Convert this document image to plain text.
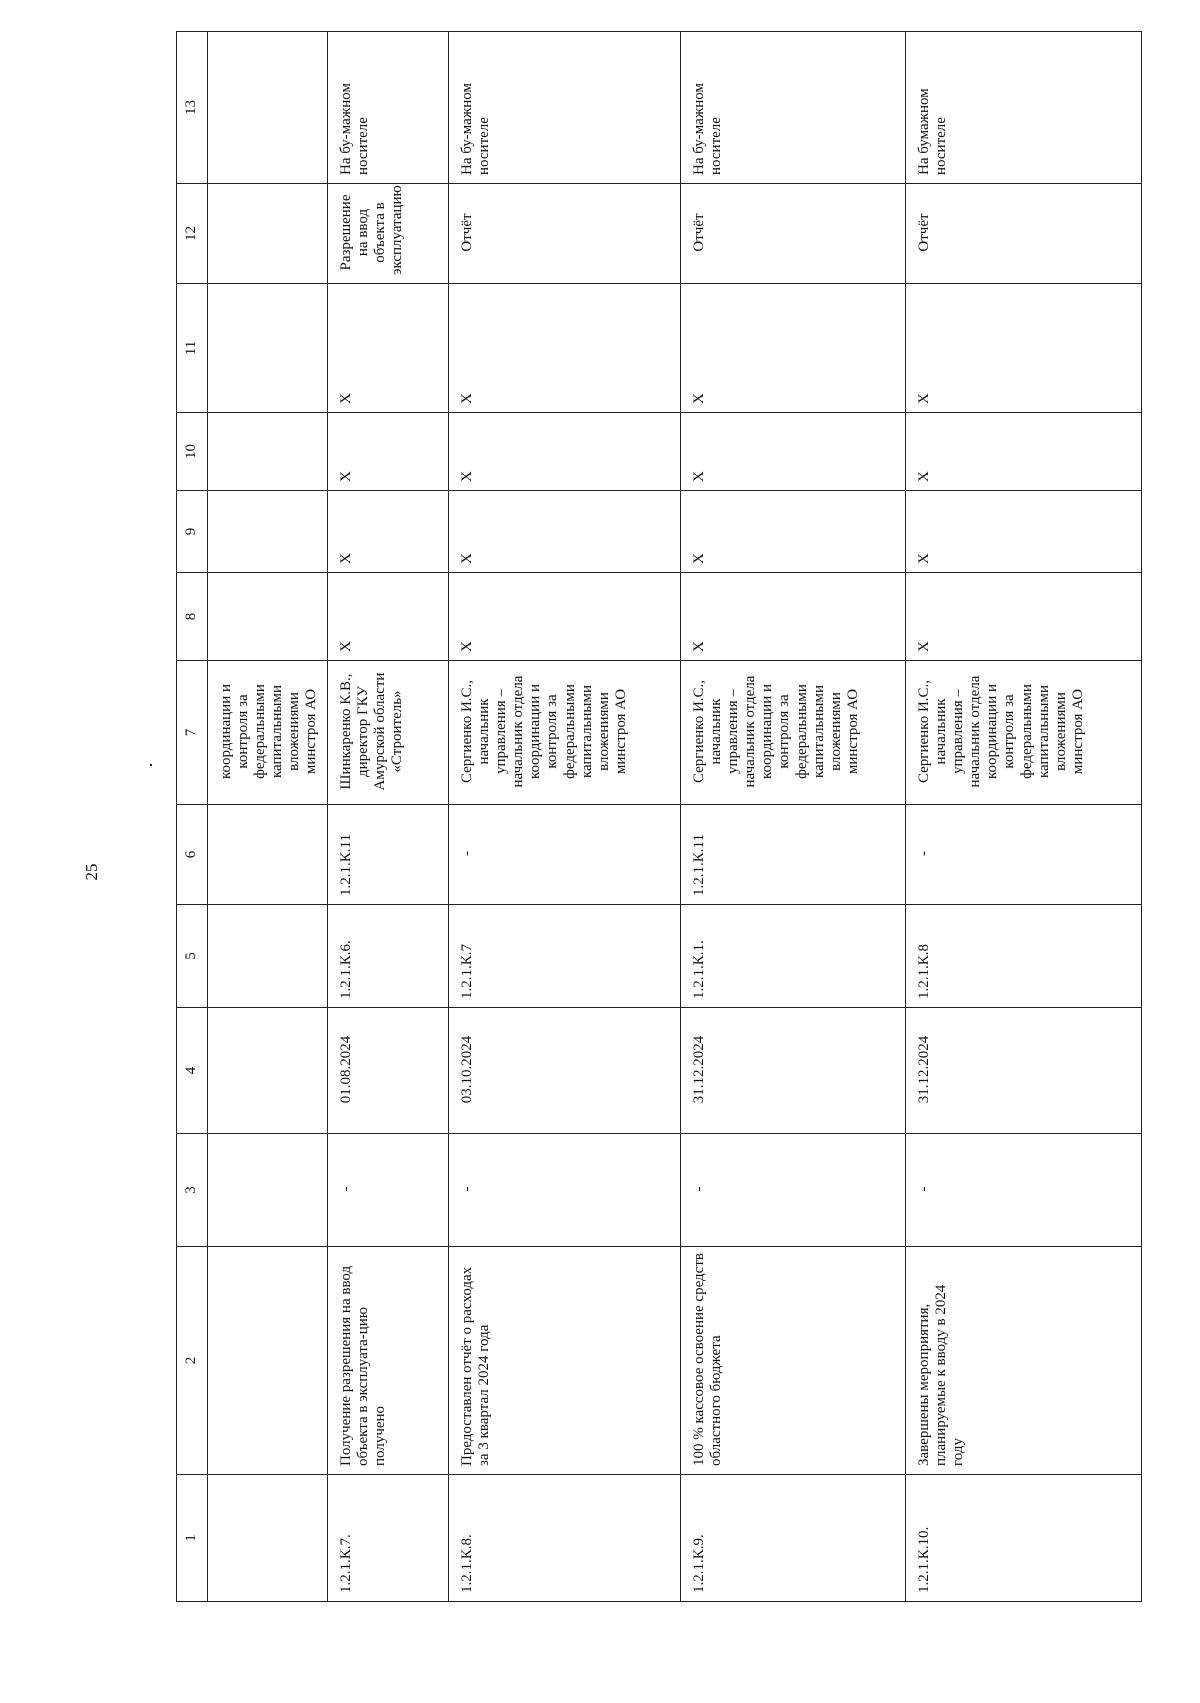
25
1	2	3	4	5	6	7	8	9	10	11	12	13
						координации и контроля за федеральными капитальными вложениями минстроя АО						
1.2.1.К.7.	Получение разрешения на ввод объекта в эксплуата-цию получено	-	01.08.2024	1.2.1.К.6.	1.2.1.К.11	Шинкаренко К.В., директор ГКУ Амурской области «Строитель»	X	X	X	X	Разрешение на ввод объекта в эксплуатацию	На бу-мажном носителе
1.2.1.К.8.	Предоставлен отчёт о расходах за 3 квартал 2024 года	-	03.10.2024	1.2.1.К.7	-	Сергиенко И.С., начальник управления – начальник отдела координации и контроля за федеральными капитальными вложениями минстроя АО	X	X	X	X	Отчёт	На бу-мажном носителе
1.2.1.К.9.	100 % кассовое освоение средств областного бюджета	-	31.12.2024	1.2.1.К.1.	1.2.1.К.11	Сергиенко И.С., начальник управления – начальник отдела координации и контроля за федеральными капитальными вложениями минстроя АО	X	X	X	X	Отчёт	На бу-мажном носителе
1.2.1.К.10.	Завершены мероприятия, планируемые к вводу в 2024 году	-	31.12.2024	1.2.1.К.8	-	Сергиенко И.С., начальник управления – начальник отдела координации и контроля за федеральными капитальными вложениями минстроя АО	X	X	X	X	Отчёт	На бумажном носителе
